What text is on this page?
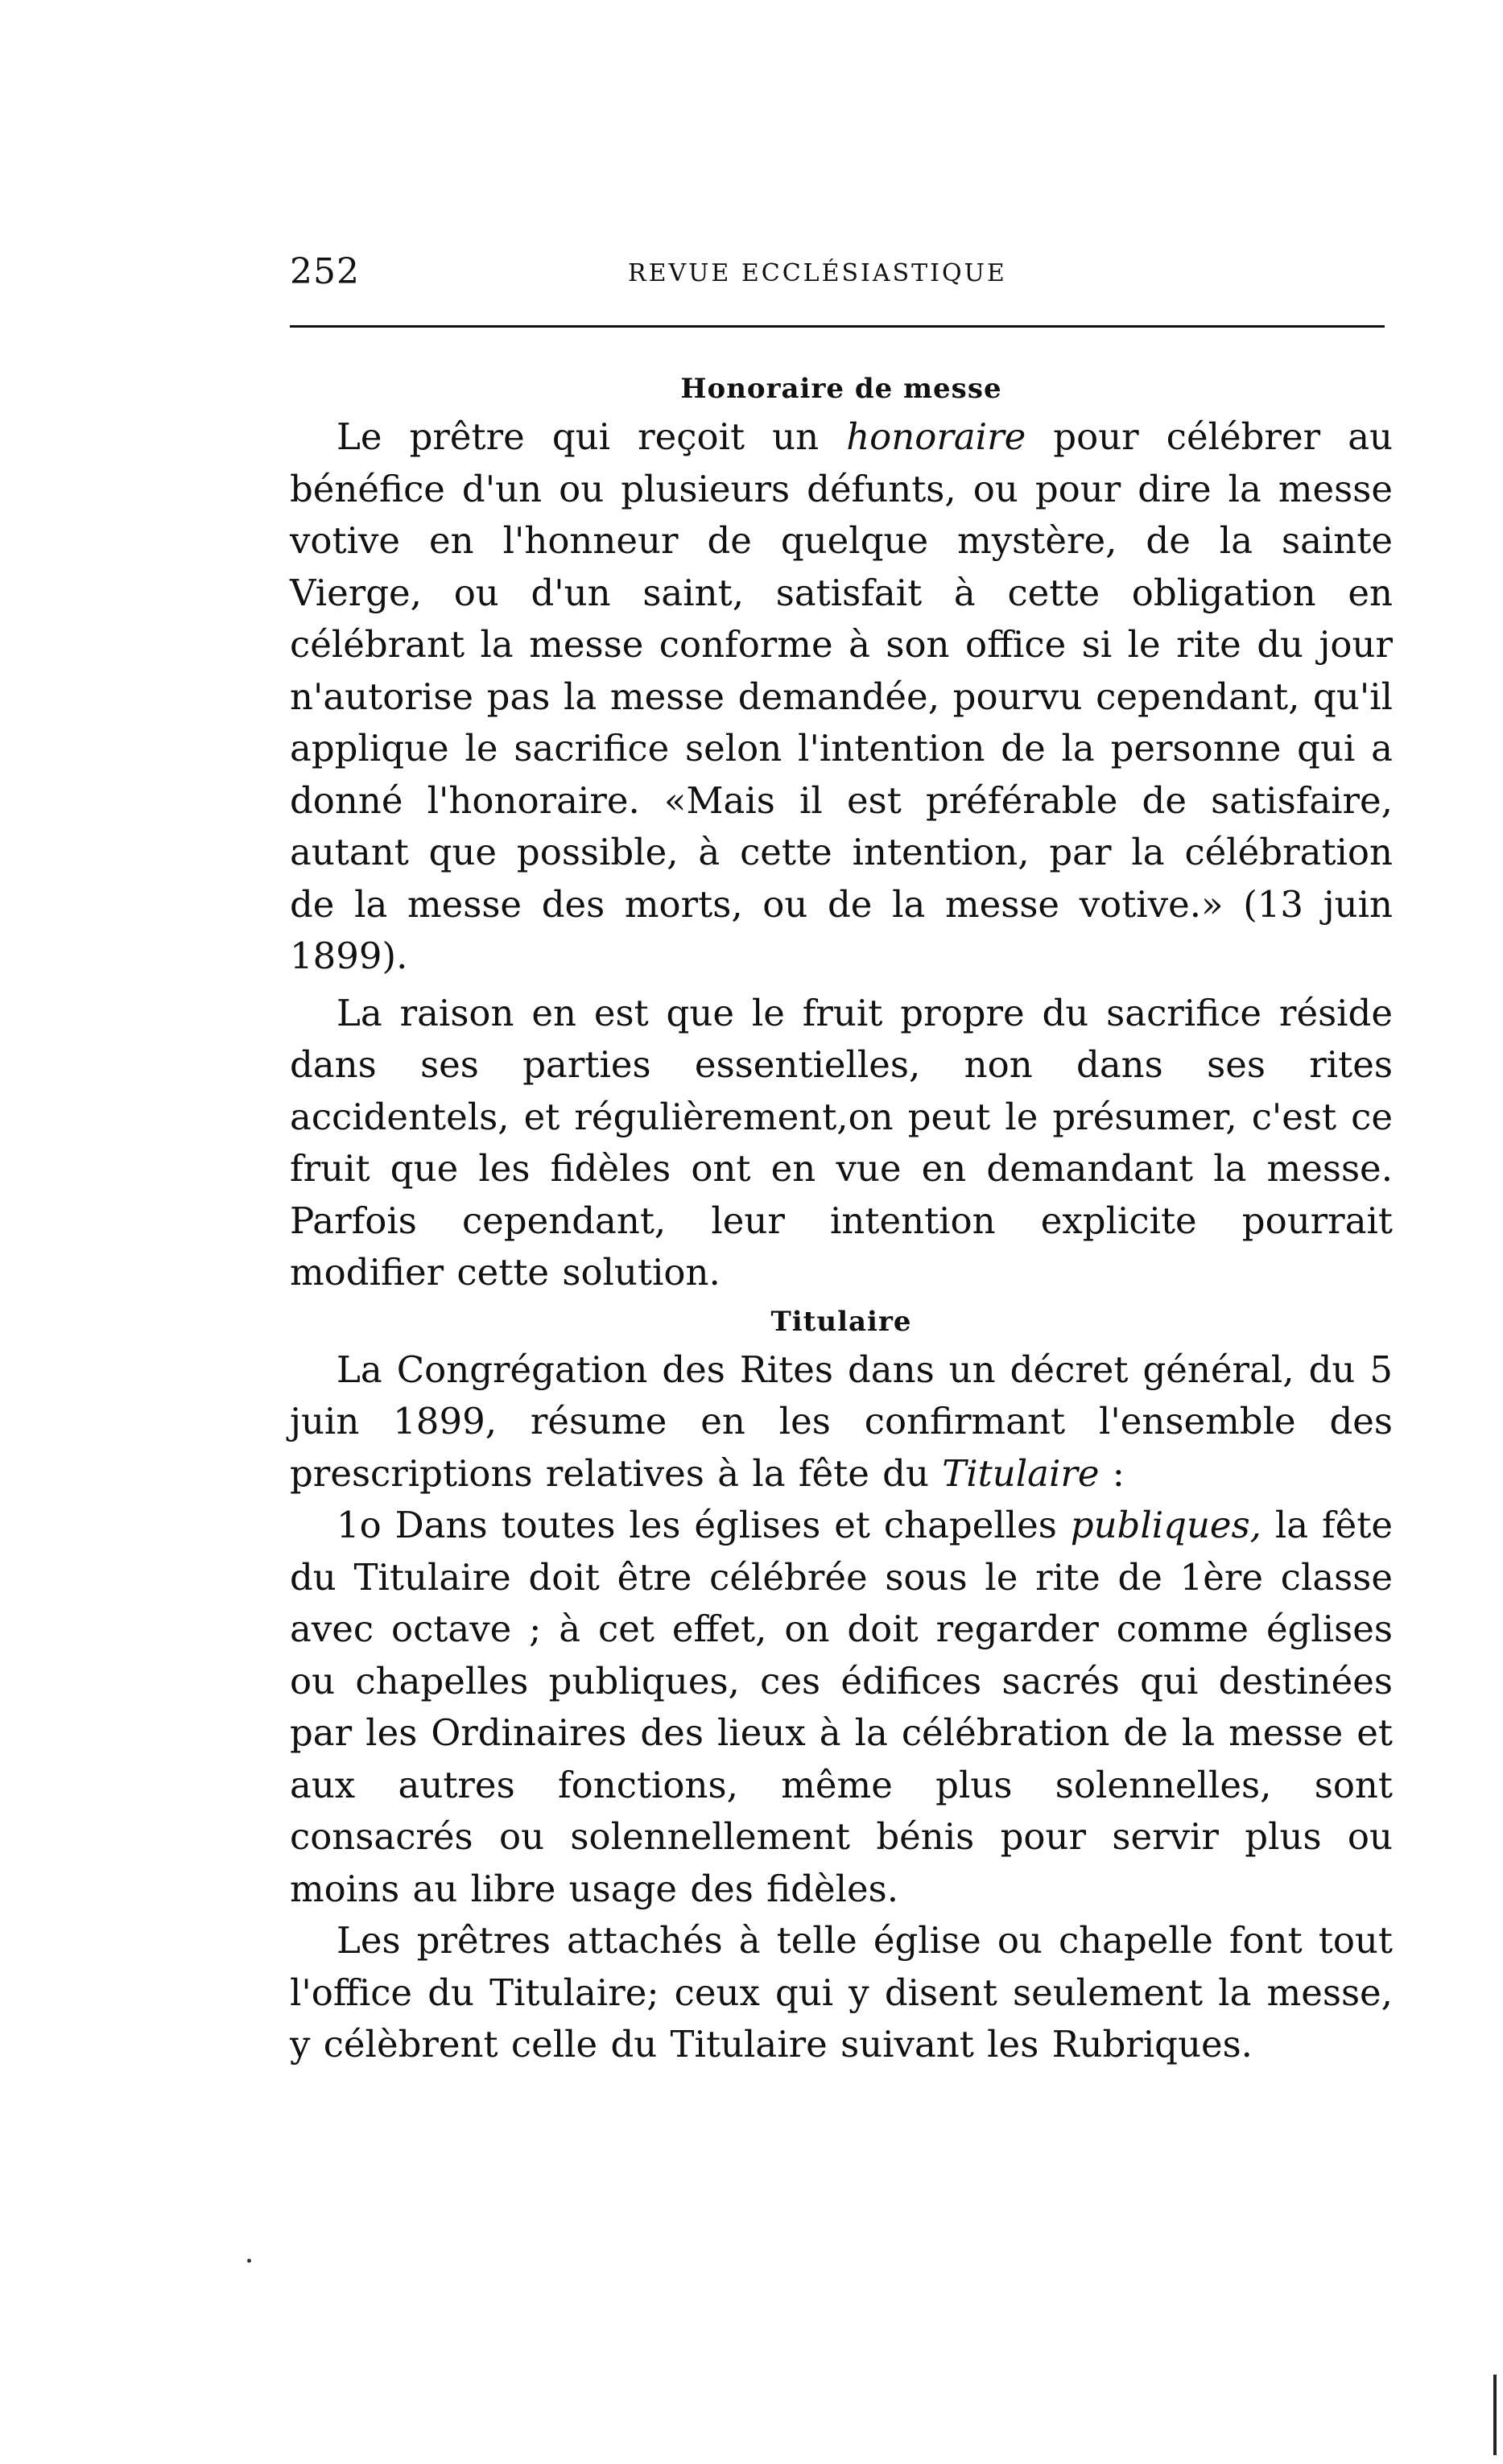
252	REVUE ECCLÉSIASTIQUE
Honoraire de messe

Le prêtre qui reçoit un honoraire pour célébrer au bénéfice d'un ou plusieurs défunts, ou pour dire la messe votive en l'honneur de quelque mystère, de la sainte Vierge, ou d'un saint, satisfait à cette obligation en célébrant la messe conforme à son office si le rite du jour n'autorise pas la messe demandée, pourvu cependant, qu'il applique le sacrifice selon l'intention de la personne qui a donné l'honoraire. «Mais il est préférable de satisfaire, autant que possible, à cette intention, par la célébration de la messe des morts, ou de la messe votive.» (13 juin 1899).

La raison en est que le fruit propre du sacrifice réside dans ses parties essentielles, non dans ses rites accidentels, et régulièrement,on peut le présumer, c'est ce fruit que les fidèles ont en vue en demandant la messe. Parfois cependant, leur intention explicite pourrait modifier cette solution.

Titulaire

La Congrégation des Rites dans un décret général, du 5 juin 1899, résume en les confirmant l'ensemble des prescriptions relatives à la fête du Titulaire :

1o Dans toutes les églises et chapelles publiques, la fête du Titulaire doit être célébrée sous le rite de 1ère classe avec octave ; à cet effet, on doit regarder comme églises ou chapelles publiques, ces édifices sacrés qui destinées par les Ordinaires des lieux à la célébration de la messe et aux autres fonctions, même plus solennelles, sont consacrés ou solennellement bénis pour servir plus ou moins au libre usage des fidèles.

Les prêtres attachés à telle église ou chapelle font tout l'office du Titulaire; ceux qui y disent seulement la messe, y célèbrent celle du Titulaire suivant les Rubriques.
